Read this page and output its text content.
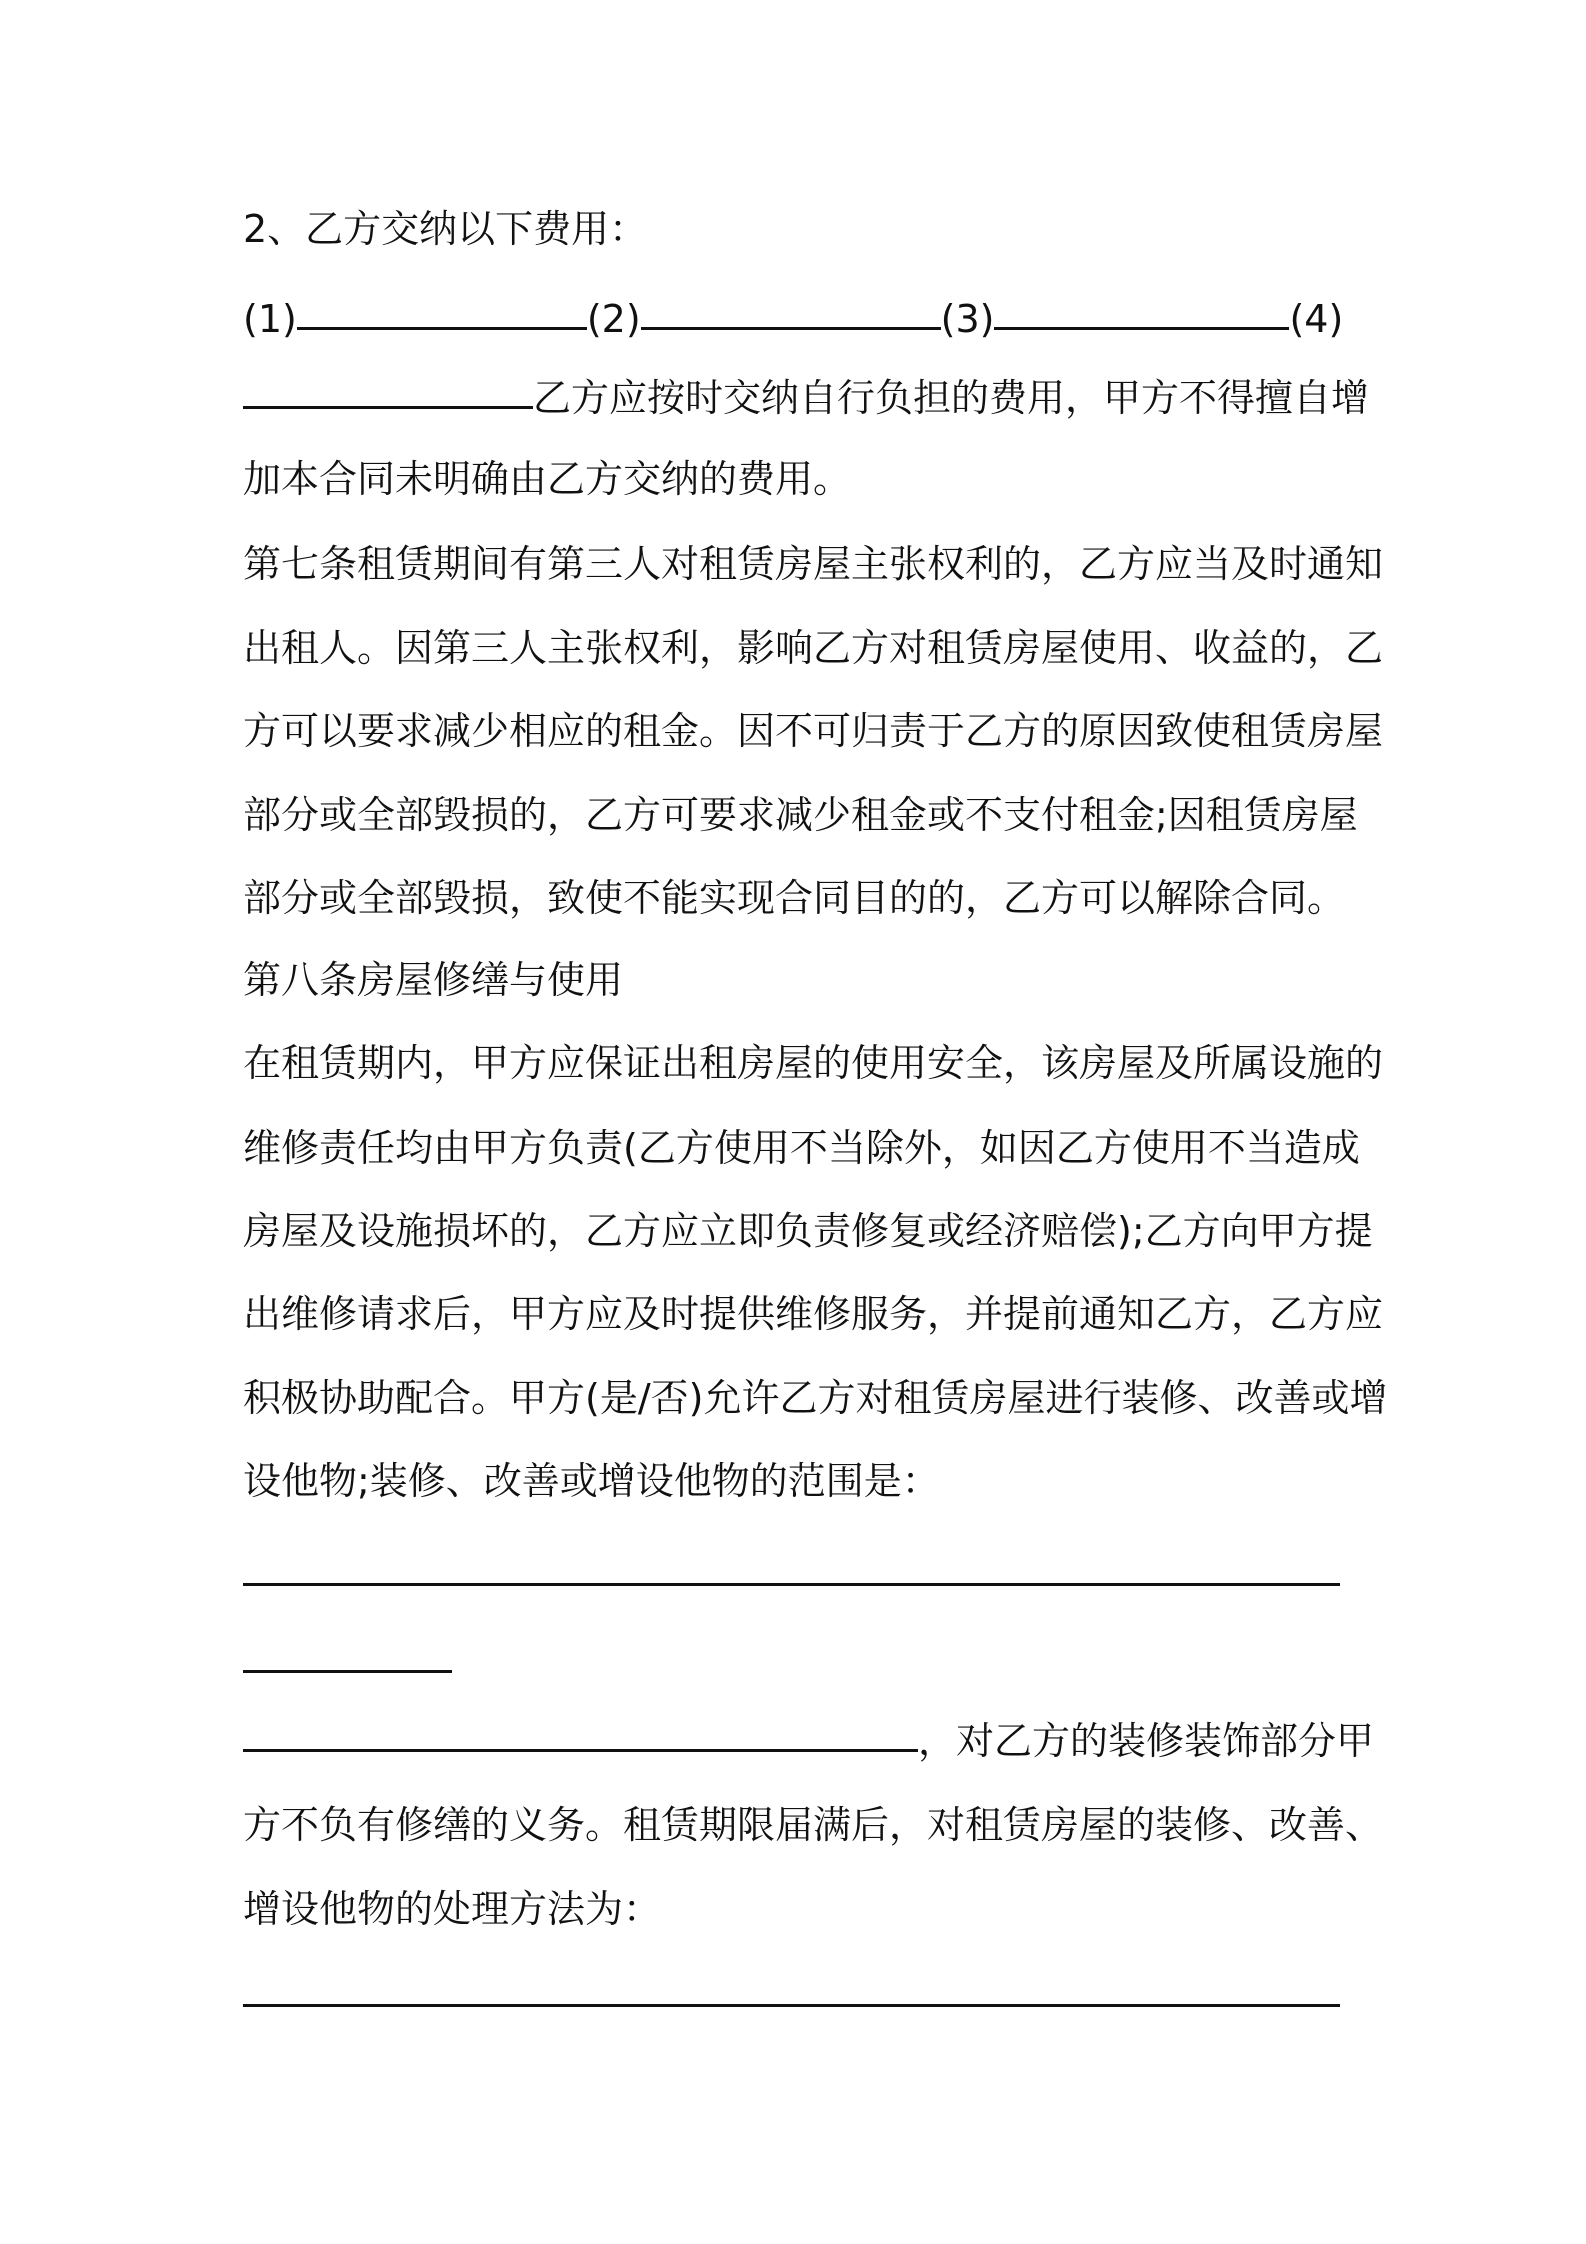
2、乙方交纳以下费用：
(1)	(2)	(3)	(4)
乙方应按时交纳自行负担的费用，甲方不得擅自增
加本合同未明确由乙方交纳的费用。
第七条租赁期间有第三人对租赁房屋主张权利的，乙方应当及时通知
出租人。因第三人主张权利，影响乙方对租赁房屋使用、收益的，乙
方可以要求减少相应的租金。因不可归责于乙方的原因致使租赁房屋
部分或全部毁损的，乙方可要求减少租金或不支付租金;因租赁房屋
部分或全部毁损，致使不能实现合同目的的，乙方可以解除合同。
第八条房屋修缮与使用
在租赁期内，甲方应保证出租房屋的使用安全，该房屋及所属设施的
维修责任均由甲方负责(乙方使用不当除外，如因乙方使用不当造成
房屋及设施损坏的，乙方应立即负责修复或经济赔偿);乙方向甲方提
出维修请求后，甲方应及时提供维修服务，并提前通知乙方，乙方应
积极协助配合。甲方(是/否)允许乙方对租赁房屋进行装修、改善或增
设他物;装修、改善或增设他物的范围是：
，对乙方的装修装饰部分甲
方不负有修缮的义务。租赁期限届满后，对租赁房屋的装修、改善、
增设他物的处理方法为：
